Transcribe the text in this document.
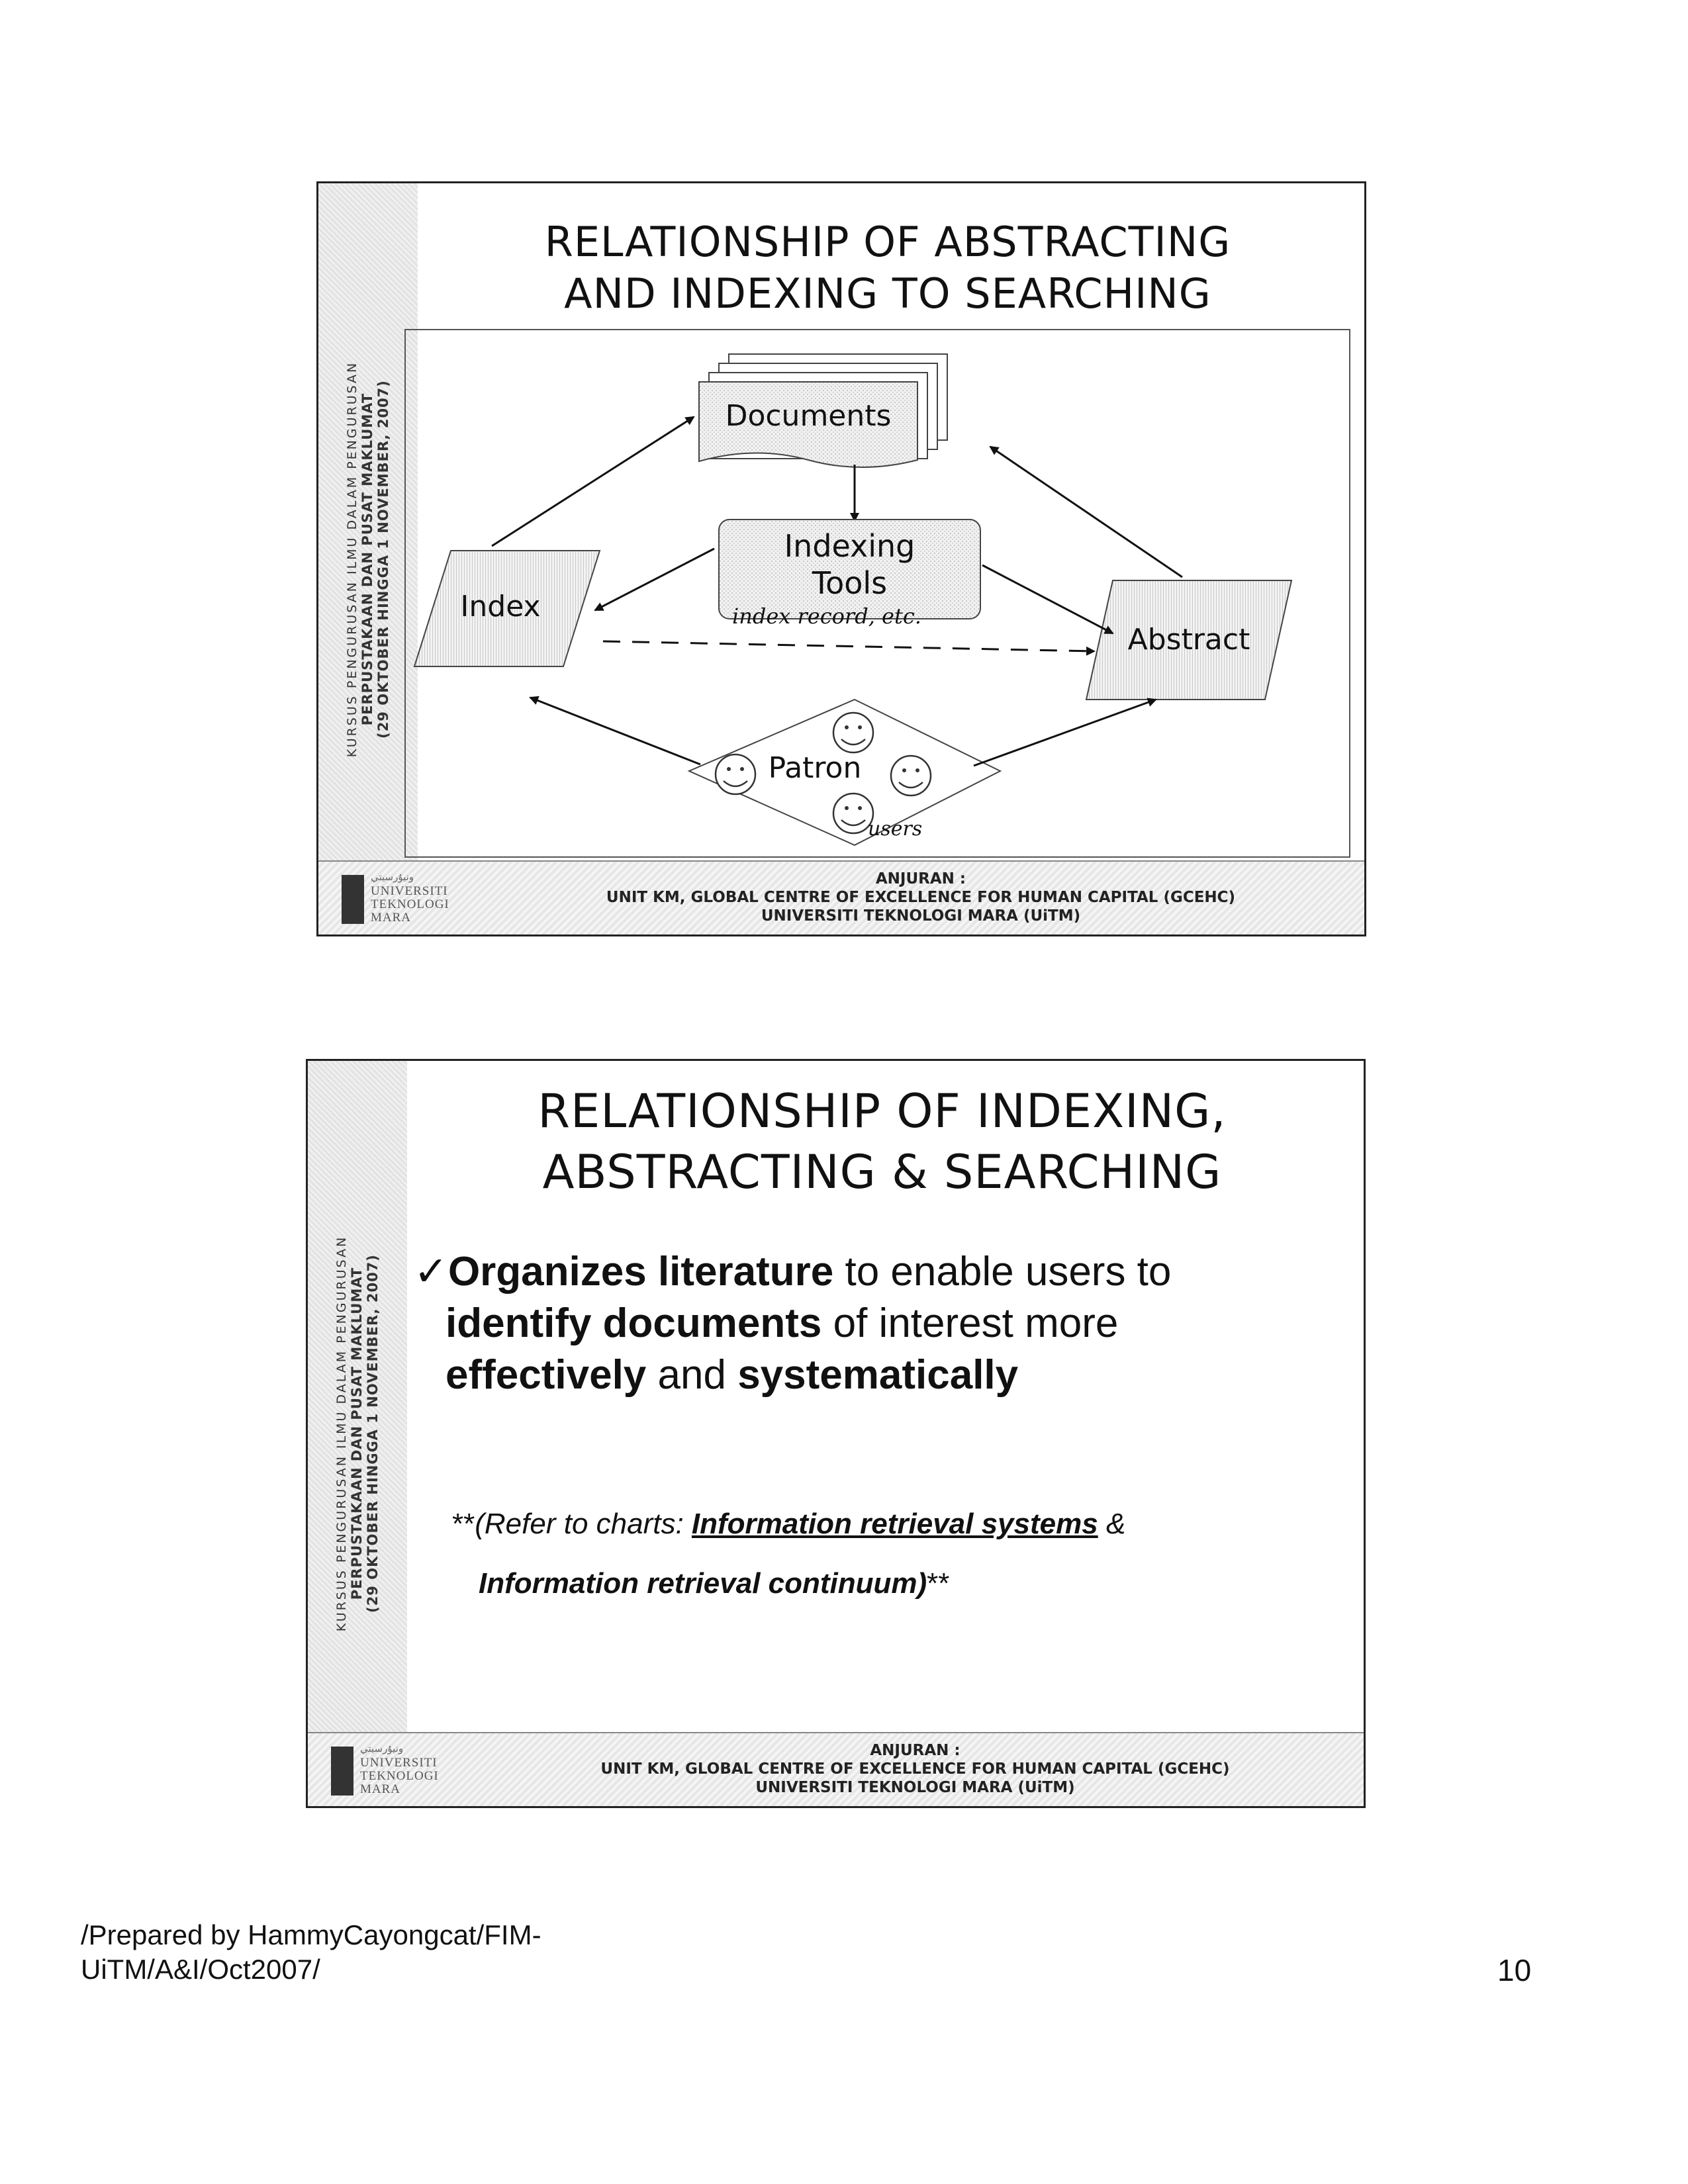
KURSUS PENGURUSAN ILMU DALAM PENGURUSAN PERPUSTAKAAN DAN PUSAT MAKLUMAT (29 OKTOBER HINGGA 1 NOVEMBER, 2007)
RELATIONSHIP OF ABSTRACTING
AND INDEXING TO SEARCHING
Documents
Indexing
Tools
Index
Abstract
Patron
index record, etc.
users
ﻭﻧﻴﯘﺭﺳﻴﺘﻲ
UNIVERSITI
TEKNOLOGI
MARA
ANJURAN :
UNIT KM, GLOBAL CENTRE OF EXCELLENCE FOR HUMAN CAPITAL (GCEHC)
UNIVERSITI TEKNOLOGI MARA (UiTM)
KURSUS PENGURUSAN ILMU DALAM PENGURUSAN PERPUSTAKAAN DAN PUSAT MAKLUMAT (29 OKTOBER HINGGA 1 NOVEMBER, 2007)
RELATIONSHIP OF INDEXING,
ABSTRACTING & SEARCHING
✓Organizes literature to enable users to
identify documents of interest more
effectively and systematically
**(Refer to charts: Information retrieval systems &
Information retrieval continuum)**
ﻭﻧﻴﯘﺭﺳﻴﺘﻲ
UNIVERSITI
TEKNOLOGI
MARA
ANJURAN :
UNIT KM, GLOBAL CENTRE OF EXCELLENCE FOR HUMAN CAPITAL (GCEHC)
UNIVERSITI TEKNOLOGI MARA (UiTM)
/Prepared by HammyCayongcat/FIM-
UiTM/A&I/Oct2007/	10
